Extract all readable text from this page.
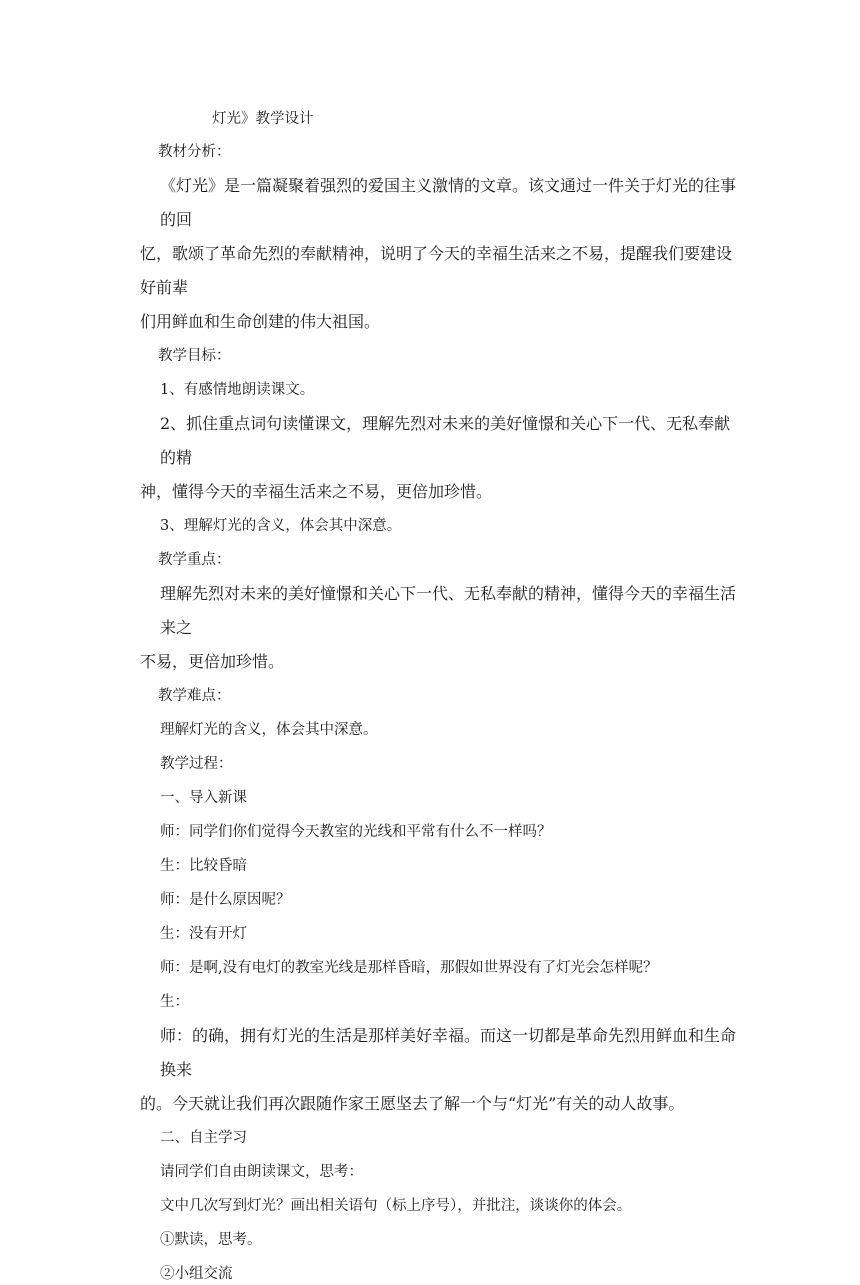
灯光》教学设计
教材分析：
《灯光》是一篇凝聚着强烈的爱国主义激情的文章。该文通过一件关于灯光的往事的回
忆，歌颂了革命先烈的奉献精神，说明了今天的幸福生活来之不易，提醒我们要建设好前辈
们用鲜血和生命创建的伟大祖国。
教学目标：
1、有感情地朗读课文。
2、抓住重点词句读懂课文，理解先烈对未来的美好憧憬和关心下一代、无私奉献的精
神，懂得今天的幸福生活来之不易，更倍加珍惜。
3、理解灯光的含义，体会其中深意。
教学重点：
理解先烈对未来的美好憧憬和关心下一代、无私奉献的精神，懂得今天的幸福生活来之
不易，更倍加珍惜。
教学难点：
理解灯光的含义，体会其中深意。
教学过程：
一、导入新课
师：同学们你们觉得今天教室的光线和平常有什么不一样吗？
生：比较昏暗
师：是什么原因呢？
生：没有开灯
师：是啊,没有电灯的教室光线是那样昏暗，那假如世界没有了灯光会怎样呢？
生：
师：的确，拥有灯光的生活是那样美好幸福。而这一切都是革命先烈用鲜血和生命换来
的。今天就让我们再次跟随作家王愿坚去了解一个与“灯光”有关的动人故事。
二、自主学习
请同学们自由朗读课文，思考：
文中几次写到灯光？画出相关语句（标上序号），并批注，谈谈你的体会。
①默读，思考。
②小组交流
